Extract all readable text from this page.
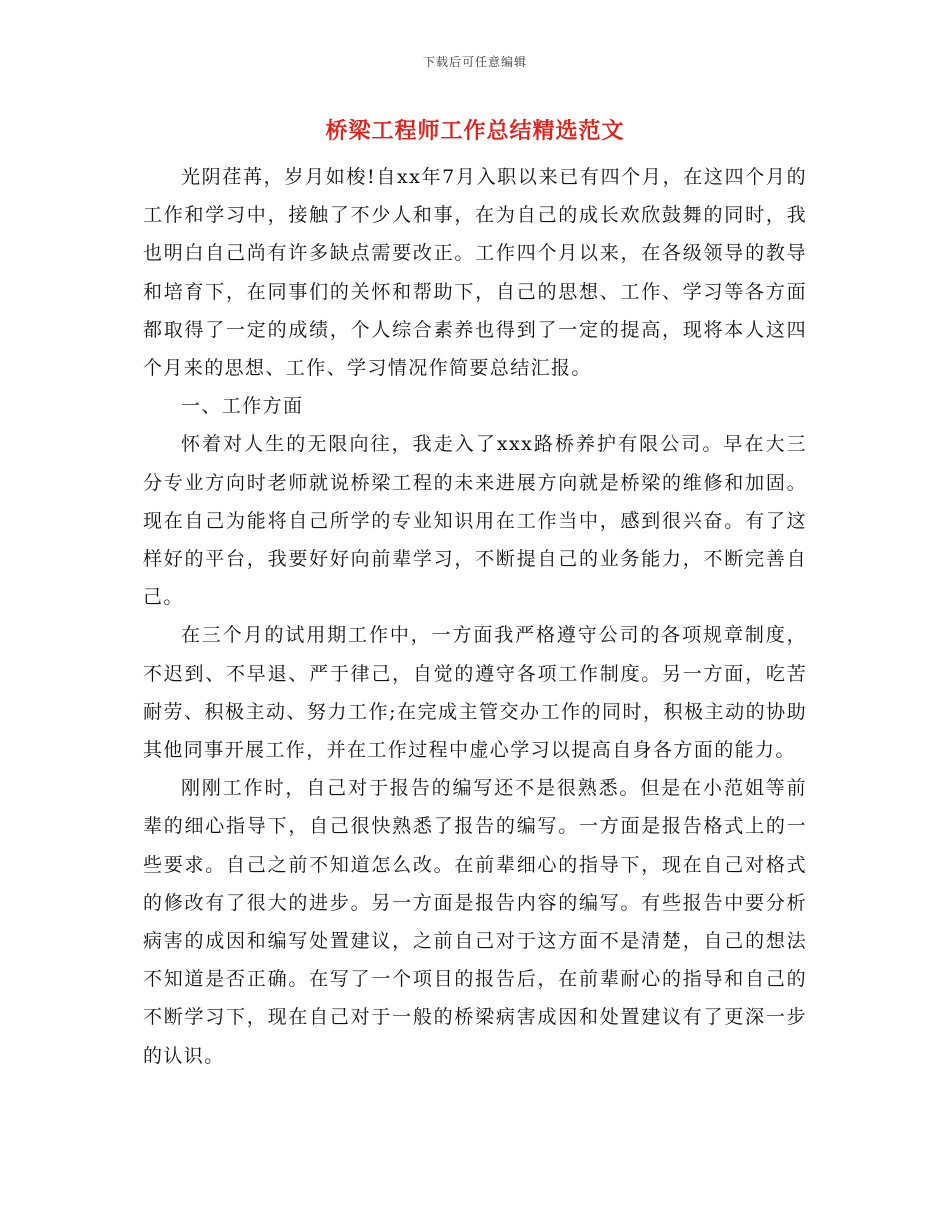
下载后可任意编辑
桥梁工程师工作总结精选范文

光阴荏苒，岁月如梭!自xx年7月入职以来已有四个月，在这四个月的工作和学习中，接触了不少人和事，在为自己的成长欢欣鼓舞的同时，我也明白自己尚有许多缺点需要改正。工作四个月以来，在各级领导的教导和培育下，在同事们的关怀和帮助下，自己的思想、工作、学习等各方面都取得了一定的成绩，个人综合素养也得到了一定的提高，现将本人这四个月来的思想、工作、学习情况作简要总结汇报。

一、工作方面

怀着对人生的无限向往，我走入了xxx路桥养护有限公司。早在大三分专业方向时老师就说桥梁工程的未来进展方向就是桥梁的维修和加固。现在自己为能将自己所学的专业知识用在工作当中，感到很兴奋。有了这样好的平台，我要好好向前辈学习，不断提自己的业务能力，不断完善自己。

在三个月的试用期工作中，一方面我严格遵守公司的各项规章制度，不迟到、不早退、严于律己，自觉的遵守各项工作制度。另一方面，吃苦耐劳、积极主动、努力工作;在完成主管交办工作的同时，积极主动的协助其他同事开展工作，并在工作过程中虚心学习以提高自身各方面的能力。

刚刚工作时，自己对于报告的编写还不是很熟悉。但是在小范姐等前辈的细心指导下，自己很快熟悉了报告的编写。一方面是报告格式上的一些要求。自己之前不知道怎么改。在前辈细心的指导下，现在自己对格式的修改有了很大的进步。另一方面是报告内容的编写。有些报告中要分析病害的成因和编写处置建议，之前自己对于这方面不是清楚，自己的想法不知道是否正确。在写了一个项目的报告后，在前辈耐心的指导和自己的不断学习下，现在自己对于一般的桥梁病害成因和处置建议有了更深一步的认识。
